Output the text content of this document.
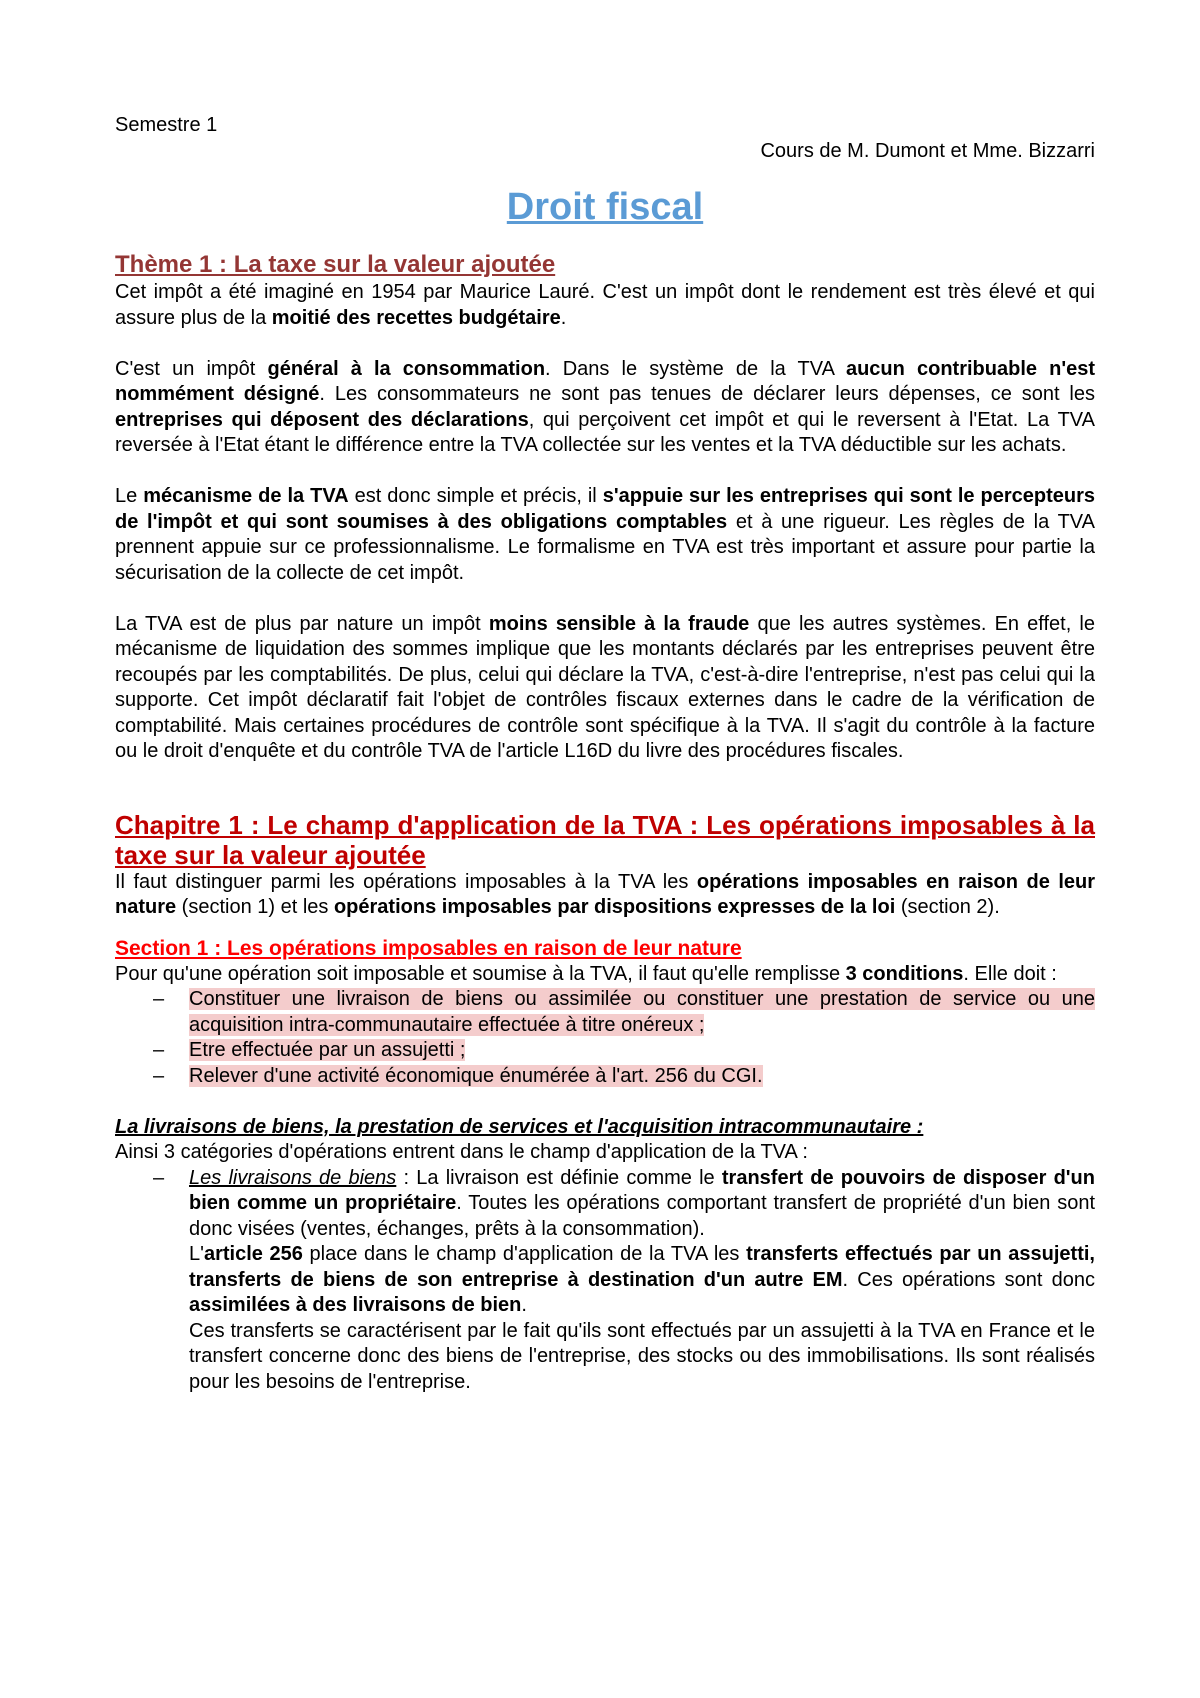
Semestre 1

Cours de M. Dumont et Mme. Bizzarri

Droit fiscal
Thème 1 : La taxe sur la valeur ajoutée

Cet impôt a été imaginé en 1954 par Maurice Lauré. C'est un impôt dont le rendement est très élevé et qui assure plus de la moitié des recettes budgétaire.

C'est un impôt général à la consommation. Dans le système de la TVA aucun contribuable n'est nommément désigné. Les consommateurs ne sont pas tenues de déclarer leurs dépenses, ce sont les entreprises qui déposent des déclarations, qui perçoivent cet impôt et qui le reversent à l'Etat. La TVA reversée à l'Etat étant le différence entre la TVA collectée sur les ventes et la TVA déductible sur les achats.

Le mécanisme de la TVA est donc simple et précis, il s'appuie sur les entreprises qui sont le percepteurs de l'impôt et qui sont soumises à des obligations comptables et à une rigueur. Les règles de la TVA prennent appuie sur ce professionnalisme. Le formalisme en TVA est très important et assure pour partie la sécurisation de la collecte de cet impôt.

La TVA est de plus par nature un impôt moins sensible à la fraude que les autres systèmes. En effet, le mécanisme de liquidation des sommes implique que les montants déclarés par les entreprises peuvent être recoupés par les comptabilités. De plus, celui qui déclare la TVA, c'est-à-dire l'entreprise, n'est pas celui qui la supporte. Cet impôt déclaratif fait l'objet de contrôles fiscaux externes dans le cadre de la vérification de comptabilité. Mais certaines procédures de contrôle sont spécifique à la TVA. Il s'agit du contrôle à la facture ou le droit d'enquête et du contrôle TVA de l'article L16D du livre des procédures fiscales.

Chapitre 1 : Le champ d'application de la TVA : Les opérations imposables à la taxe sur la valeur ajoutée

Il faut distinguer parmi les opérations imposables à la TVA les opérations imposables en raison de leur nature (section 1) et les opérations imposables par dispositions expresses de la loi (section 2).

Section 1 : Les opérations imposables en raison de leur nature

Pour qu'une opération soit imposable et soumise à la TVA, il faut qu'elle remplisse 3 conditions. Elle doit :

– Constituer une livraison de biens ou assimilée ou constituer une prestation de service ou une acquisition intra-communautaire effectuée à titre onéreux ;
– Etre effectuée par un assujetti ;
– Relever d'une activité économique énumérée à l'art. 256 du CGI.

La livraisons de biens, la prestation de services et l'acquisition intracommunautaire :

Ainsi 3 catégories d'opérations entrent dans le champ d'application de la TVA :

– Les livraisons de biens : La livraison est définie comme le transfert de pouvoirs de disposer d'un bien comme un propriétaire. Toutes les opérations comportant transfert de propriété d'un bien sont donc visées (ventes, échanges, prêts à la consommation).

L'article 256 place dans le champ d'application de la TVA les transferts effectués par un assujetti, transferts de biens de son entreprise à destination d'un autre EM. Ces opérations sont donc assimilées à des livraisons de bien.

Ces transferts se caractérisent par le fait qu'ils sont effectués par un assujetti à la TVA en France et le transfert concerne donc des biens de l'entreprise, des stocks ou des immobilisations. Ils sont réalisés pour les besoins de l'entreprise.
